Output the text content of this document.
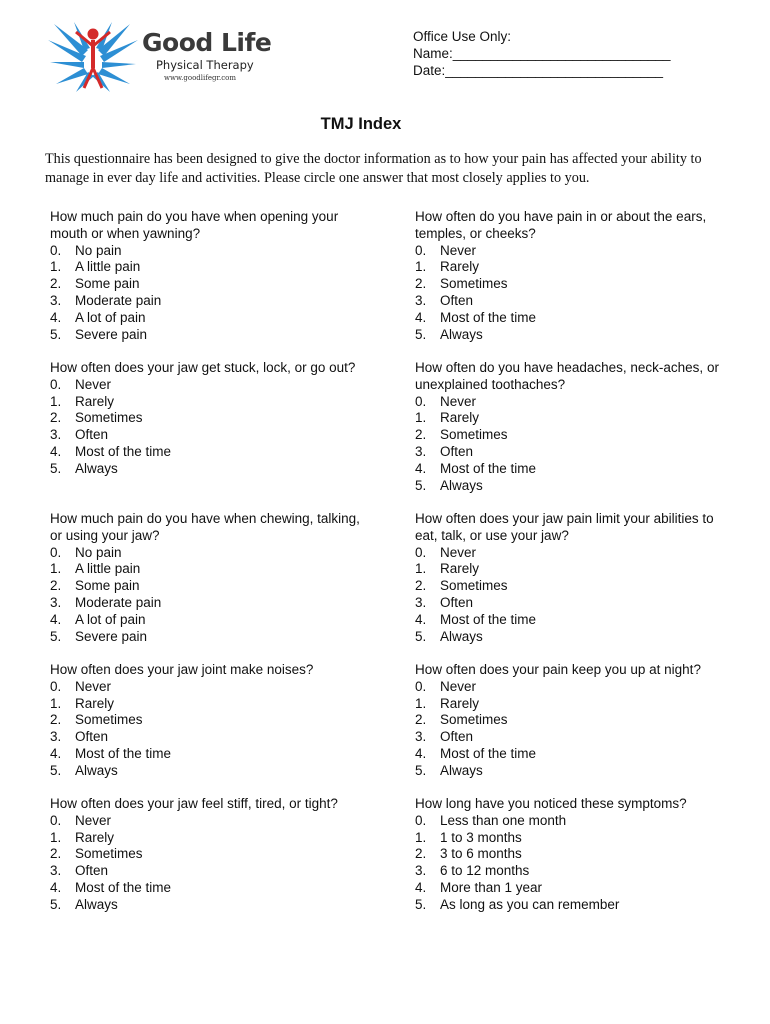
Good Life
Physical Therapy
www.goodlifegr.com
Office Use Only:
Name:_____________________________
Date:_____________________________
TMJ Index
This questionnaire has been designed to give the doctor information as to how your pain has affected your ability to manage in ever day life and activities. Please circle one answer that most closely applies to you.
How much pain do you have when opening your mouth or when yawning?
0.	No pain
1.	A little pain
2.	Some pain
3.	Moderate pain
4.	A lot of pain
5.	Severe pain
How often do you have pain in or about the ears, temples, or cheeks?
0.	Never
1.	Rarely
2.	Sometimes
3.	Often
4.	Most of the time
5.	Always
How often does your jaw get stuck, lock, or go out?
0.	Never
1.	Rarely
2.	Sometimes
3.	Often
4.	Most of the time
5.	Always
How often do you have headaches, neck-aches, or unexplained toothaches?
0.	Never
1.	Rarely
2.	Sometimes
3.	Often
4.	Most of the time
5.	Always
How much pain do you have when chewing, talking, or using your jaw?
0.	No pain
1.	A little pain
2.	Some pain
3.	Moderate pain
4.	A lot of pain
5.	Severe pain
How often does your jaw pain limit your abilities to eat, talk, or use your jaw?
0.	Never
1.	Rarely
2.	Sometimes
3.	Often
4.	Most of the time
5.	Always
How often does your jaw joint make noises?
0.	Never
1.	Rarely
2.	Sometimes
3.	Often
4.	Most of the time
5.	Always
How often does your pain keep you up at night?
0.	Never
1.	Rarely
2.	Sometimes
3.	Often
4.	Most of the time
5.	Always
How often does your jaw feel stiff, tired, or tight?
0.	Never
1.	Rarely
2.	Sometimes
3.	Often
4.	Most of the time
5.	Always
How long have you noticed these symptoms?
0.	Less than one month
1.	1 to 3 months
2.	3 to 6 months
3.	6 to 12 months
4.	More than 1 year
5.	As long as you can remember
